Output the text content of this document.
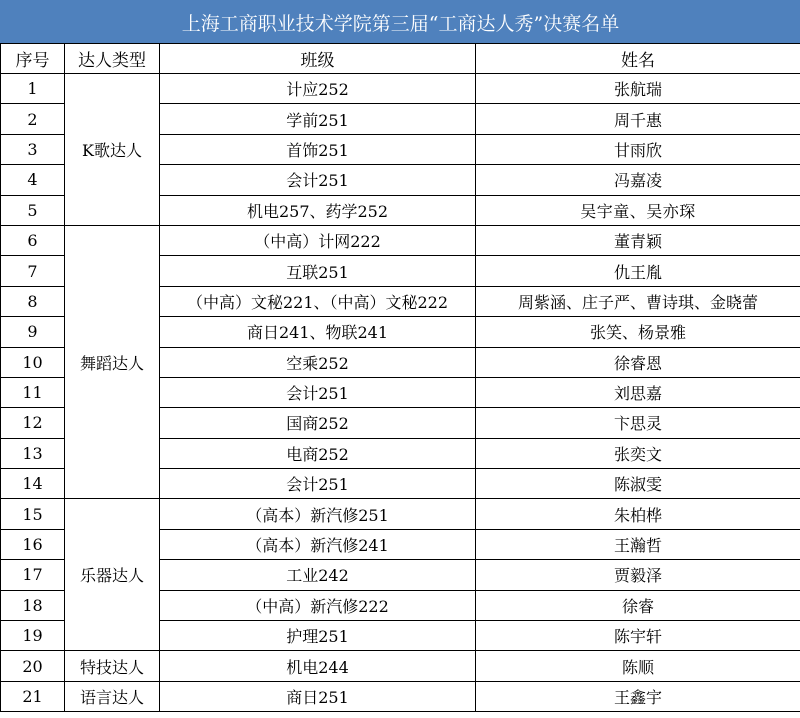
上海工商职业技术学院第三届“工商达人秀”决赛名单			
序号	达人类型	班级	姓名
1	K歌达人	计应252	张航瑞
2		学前251	周千惠
3		首饰251	甘雨欣
4		会计251	冯嘉凌
5		机电257、药学252	吴宇童、吴亦琛
6	舞蹈达人	（中高）计网222	董青颖
7		互联251	仇王胤
8		（中高）文秘221、（中高）文秘222	周紫涵、庄子严、曹诗琪、金晓蕾
9		商日241、物联241	张笑、杨景雅
10		空乘252	徐睿恩
11		会计251	刘思嘉
12		国商252	卞思灵
13		电商252	张奕文
14		会计251	陈淑雯
15	乐器达人	（高本）新汽修251	朱柏桦
16		（高本）新汽修241	王瀚哲
17		工业242	贾毅泽
18		（中高）新汽修222	徐睿
19		护理251	陈宇轩
20	特技达人	机电244	陈顺
21	语言达人	商日251	王鑫宇
